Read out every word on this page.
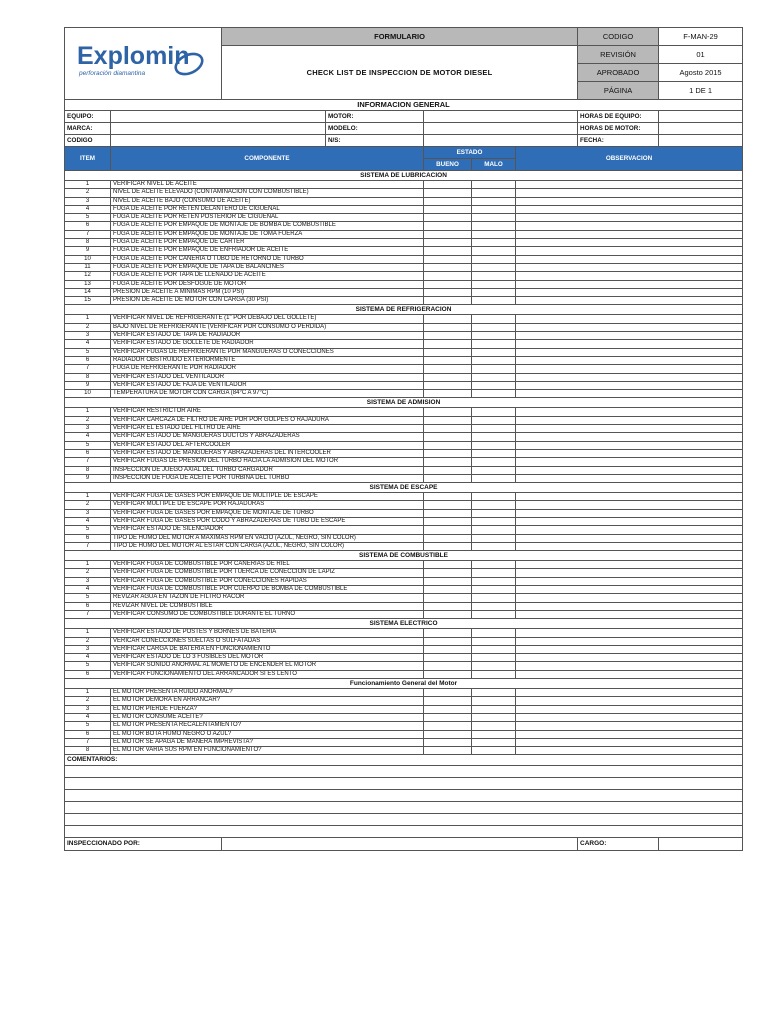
Explomin
perforación diamantina		FORMULARIO					CODIGO	F-MAN-29
		CHECK LIST DE INSPECCION DE MOTOR DIESEL					REVISIÓN	01
							APROBADO	Agosto 2015
							PÁGINA	1 DE 1
INFORMACION GENERAL								
EQUIPO:			MOTOR:				HORAS DE EQUIPO:	
MARCA:			MODELO:				HORAS DE MOTOR:	
CODIGO			N/S:				FECHA:	
ITEM	COMPONENTE			ESTADO		OBSERVACION		
				BUENO	MALO			
SISTEMA DE LUBRICACION								
1	VERIFICAR NIVEL DE ACEITE							
2	NIVEL DE ACEITE ELEVADO (CONTAMINACION CON COMBUSTIBLE)							
3	NIVEL DE ACEITE BAJO (CONSUMO DE ACEITE)							
4	FUGA DE ACEITE POR RETEN DELANTERO DE CIGUEÑAL							
5	FUGA DE ACEITE POR RETEN POSTERIOR DE CIGUEÑAL							
6	FUGA DE ACEITE POR EMPAQUE DE MONTAJE DE BOMBA DE COMBUSTIBLE							
7	FUGA DE ACEITE POR EMPAQUE DE MONTAJE DE TOMA FUERZA							
8	FUGA DE ACEITE POR EMPAQUE DE CARTER							
9	FUGA DE ACEITE POR EMPAQUE DE ENFRIADOR DE ACEITE							
10	FUGA DE ACEITE POR CAÑERIA O TUBO DE RETORNO DE TURBO							
11	FUGA DE ACEITE POR EMPAQUE DE TAPA DE BALANCINES							
12	FUGA DE ACEITE POR TAPA DE LLENADO DE ACEITE							
13	FUGA DE ACEITE POR DESFOGUE DE MOTOR							
14	PRESION DE ACEITE A MINIMAS RPM (10 PSI)							
15	PRESION DE ACEITE DE MOTOR CON CARGA (30 PSI)							
SISTEMA DE REFRIGERACION								
1	VERIFICAR NIVEL DE REFRIGERANTE (1" POR DEBAJO DEL GOLLETE)							
2	BAJO NIVEL DE REFRIGERANTE (VERIFICAR POR CONSUMO O PERDIDA)							
3	VERIFICAR ESTADO DE TAPA DE RADIADOR							
4	VERIFICAR ESTADO DE GOLLETE DE RADIADOR							
5	VERIFICAR FUGAS DE REFRIGERANTE POR MANGUERAS O CONECCIONES							
6	RADIADOR OBSTRUIDO EXTERIORMENTE							
7	FUGA DE REFRIGERANTE POR RADIADOR							
8	VERIFICAR ESTADO DEL VENTILADOR							
9	VERIFICAR ESTADO DE FAJA DE VENTILADOR							
10	TEMPERATURA DE MOTOR CON CARGA (84°C A 97°C)							
SISTEMA DE ADMISION								
1	VERIFICAR RESTRICTOR AIRE							
2	VERIFICAR CARCAZA DE FILTRO DE AIRE POR POR GOLPES O RAJADURA							
3	VERIFICAR EL ESTADO DEL FILTRO DE AIRE							
4	VERIFICAR ESTADO DE MANGUERAS DUCTOS Y ABRAZADERAS							
5	VERIFICAR ESTADO DEL AFTERCOOLER							
6	VERIFICAR ESTADO DE MANGUERAS Y ABRAZADERAS DEL INTERCOOLER							
7	VERIFICAR FUGAS DE PRESION DEL TURBO HACIA LA ADMISION DEL MOTOR							
8	INSPECCION DE JUEGO AXIAL DEL TURBO CARGADOR							
9	INSPECCION DE FUGA DE ACEITE POR TURBINA DEL TURBO							
SISTEMA DE ESCAPE								
1	VERIFICAR FUGA DE GASES POR EMPAQUE DE MULTIPLE DE ESCAPE							
2	VERIFICAR MULTIPLE DE ESCAPE POR RAJADURAS							
3	VERIFICAR FUGA DE GASES POR EMPAQUE DE MONTAJE DE TURBO							
4	VERIFICAR FUGA DE GASES POR CODO Y ABRAZADERAS DE TUBO DE ESCAPE							
5	VERIFICAR ESTADO DE SILENCIADOR							
6	TIPO DE HUMO DEL MOTOR A MAXIMAS RPM EN VACIO (AZUL, NEGRO, SIN COLOR)							
7	TIPO DE HUMO DEL MOTOR AL ESTAR CON CARGA (AZUL, NEGRO, SIN COLOR)							
SISTEMA DE COMBUSTIBLE								
1	VERIFICAR FUGA DE COMBUSTIBLE POR CAÑERIAS DE RIEL							
2	VERIFICAR FUGA DE COMBUSTIBLE POR TUERCA DE CONECCION DE LAPIZ							
3	VERIFICAR FUGA DE COMBUSTIBLE POR CONECCIONES RAPIDAS							
4	VERIFICAR FUGA DE COMBUSTIBLE POR CUERPO DE BOMBA DE COMBUSTIBLE							
5	REVIZAR AGUA EN TAZON DE FILTRO RACOR							
6	REVIZAR NIVEL DE COMBUSTIBLE							
7	VERIFICAR CONSUMO DE COMBUSTIBLE DURANTE EL TURNO							
SISTEMA ELECTRICO								
1	VERIFICAR ESTADO DE POSTES Y BORNES DE BATERIA							
2	VERICAR CONECCIONES SUELTAS O SULFATADAS							
3	VERIFICAR CARGA DE BATERIA EN FUNCIONAMIENTO							
4	VERIFICAR ESTADO DE LO 3 FUSIBLES DEL MOTOR							
5	VERIFICAR SONIDO ANORMAL AL MOMETO DE ENCENDER EL MOTOR							
6	VERIFICAR FUNCIONAMIENTO DEL ARRANCADOR SI ES LENTO							
Funcionamiento General del Motor								
1	EL MOTOR PRESENTA RUIDO ANORMAL?							
2	EL MOTOR DEMORA EN ARRANCAR?							
3	EL MOTOR PIERDE FUERZA?							
4	EL MOTOR CONSUME ACEITE?							
5	EL MOTOR PRESENTA RECALENTAMIENTO?							
6	EL MOTOR BOTA HUMO NEGRO O AZUL?							
7	EL MOTOR SE APAGA DE MANERA IMPREVISTA?							
8	EL MOTOR VARIA SUS RPM EN FUNCIONAMIENTO?							
COMENTARIOS:								

INSPECCIONADO POR:							CARGO:	
